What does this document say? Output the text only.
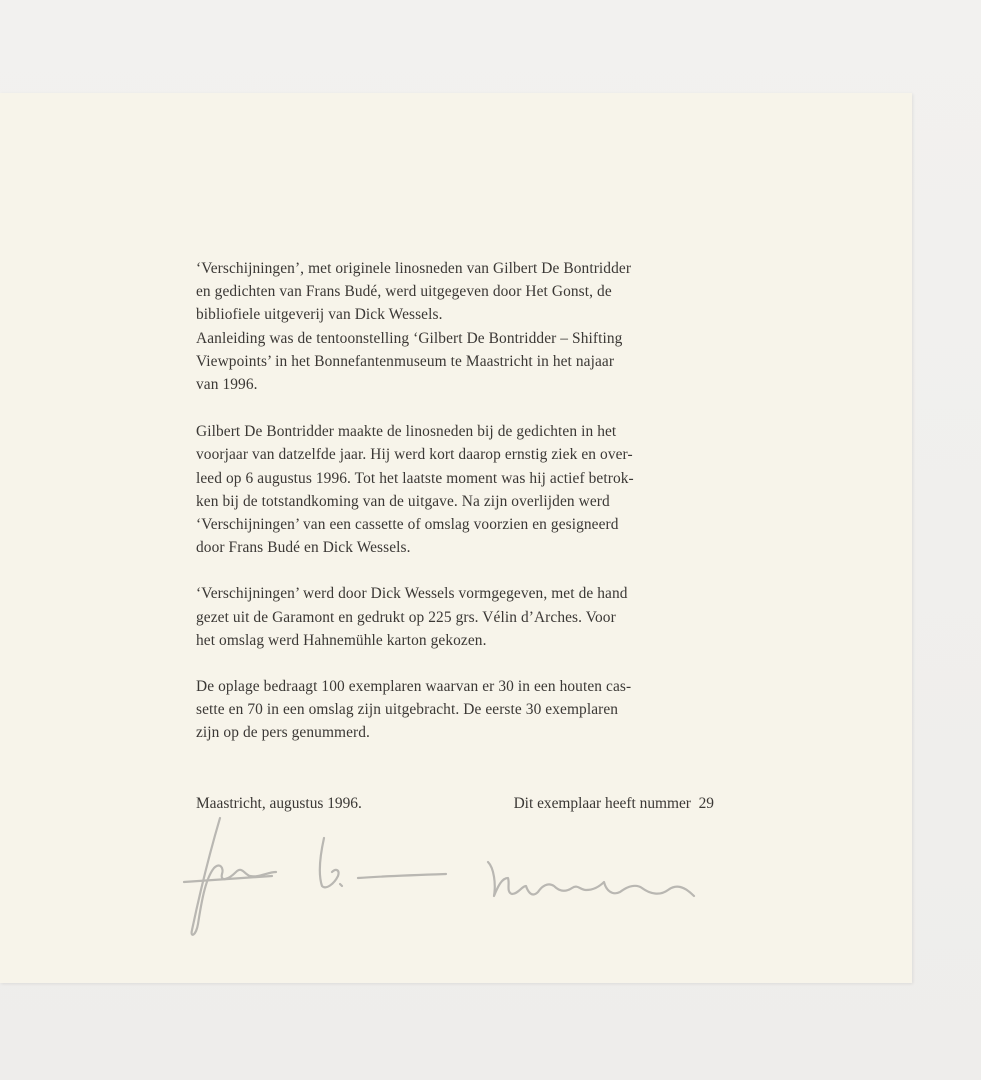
‘Verschijningen’, met originele linosneden van Gilbert De Bontridder
en gedichten van Frans Budé, werd uitgegeven door Het Gonst, de
bibliofiele uitgeverij van Dick Wessels.
Aanleiding was de tentoonstelling ‘Gilbert De Bontridder – Shifting
Viewpoints’ in het Bonnefantenmuseum te Maastricht in het najaar
van 1996.

Gilbert De Bontridder maakte de linosneden bij de gedichten in het
voorjaar van datzelfde jaar. Hij werd kort daarop ernstig ziek en over-
leed op 6 augustus 1996. Tot het laatste moment was hij actief betrok-
ken bij de totstandkoming van de uitgave. Na zijn overlijden werd
‘Verschijningen’ van een cassette of omslag voorzien en gesigneerd
door Frans Budé en Dick Wessels.

‘Verschijningen’ werd door Dick Wessels vormgegeven, met de hand
gezet uit de Garamont en gedrukt op 225 grs. Vélin d’Arches. Voor
het omslag werd Hahnemühle karton gekozen.

De oplage bedraagt 100 exemplaren waarvan er 30 in een houten cas-
sette en 70 in een omslag zijn uitgebracht. De eerste 30 exemplaren
zijn op de pers genummerd.

Maastricht, augustus 1996.	Dit exemplaar heeft nummer  29
